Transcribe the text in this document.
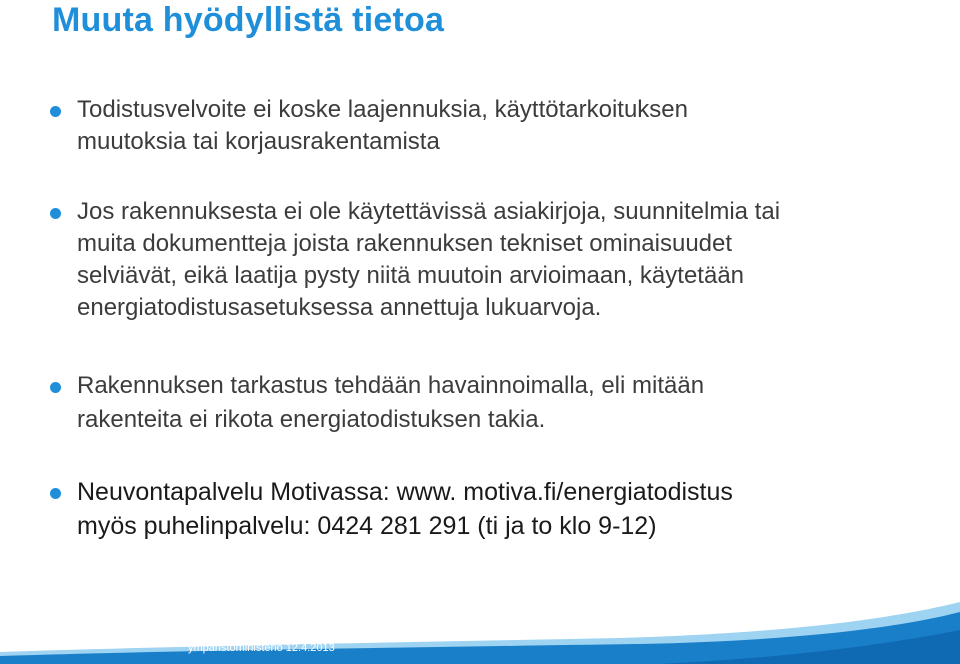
Muuta hyödyllistä tietoa
Todistusvelvoite ei koske laajennuksia, käyttötarkoituksen
muutoksia tai korjausrakentamista
Jos rakennuksesta ei ole käytettävissä asiakirjoja, suunnitelmia tai
muita dokumentteja joista rakennuksen tekniset ominaisuudet
selviävät, eikä laatija pysty niitä muutoin arvioimaan, käytetään
energiatodistusasetuksessa annettuja lukuarvoja.
Rakennuksen tarkastus tehdään havainnoimalla, eli mitään
rakenteita ei rikota energiatodistuksen takia.
Neuvontapalvelu Motivassa: www. motiva.fi/energiatodistus
myös puhelinpalvelu: 0424 281 291 (ti ja to klo 9-12)
ympäristöministeriö 12.4.2013
